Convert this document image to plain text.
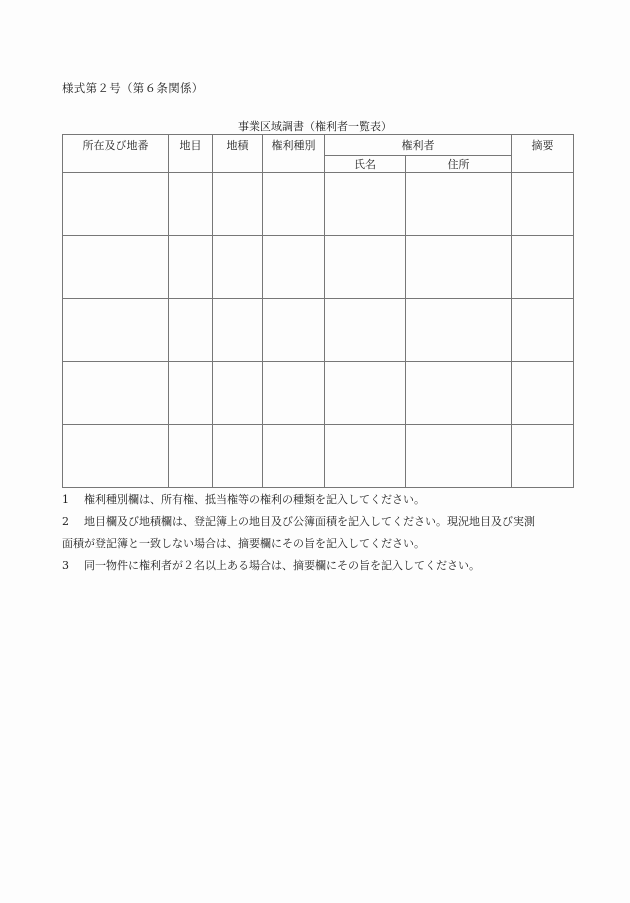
様式第２号（第６条関係）
事業区域調書（権利者一覧表）
所在及び地番	地目	地積	権利種別	権利者		摘要
				氏名	住所	

1	権利種別欄は、所有権、抵当権等の権利の種類を記入してください。
2	地目欄及び地積欄は、登記簿上の地目及び公簿面積を記入してください。現況地目及び実測
面積が登記簿と一致しない場合は、摘要欄にその旨を記入してください。
3	同一物件に権利者が２名以上ある場合は、摘要欄にその旨を記入してください。
